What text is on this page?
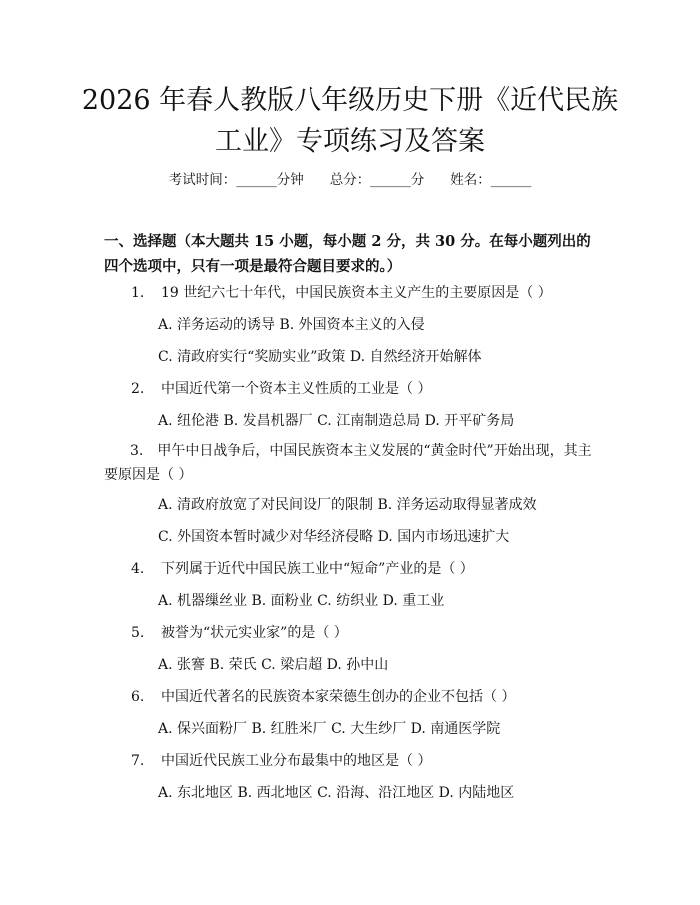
2026 年春人教版八年级历史下册《近代民族
工业》专项练习及答案
考试时间：______分钟 总分：______分 姓名：______
一、选择题（本大题共 15 小题，每小题 2 分，共 30 分。在每小题列出的四个选项中，只有一项是最符合题目要求的。）
1. 19 世纪六七十年代，中国民族资本主义产生的主要原因是（ ）
A. 洋务运动的诱导 B. 外国资本主义的入侵
C. 清政府实行“奖励实业”政策 D. 自然经济开始解体
2. 中国近代第一个资本主义性质的工业是（ ）
A. 纽伦港 B. 发昌机器厂 C. 江南制造总局 D. 开平矿务局
3.　甲午中日战争后，中国民族资本主义发展的“黄金时代”开始出现，其主要原因是（ ）
A. 清政府放宽了对民间设厂的限制 B. 洋务运动取得显著成效
C. 外国资本暂时减少对华经济侵略 D. 国内市场迅速扩大
4. 下列属于近代中国民族工业中“短命”产业的是（ ）
A. 机器缫丝业 B. 面粉业 C. 纺织业 D. 重工业
5. 被誉为“状元实业家”的是（ ）
A. 张謇 B. 荣氏 C. 梁启超 D. 孙中山
6. 中国近代著名的民族资本家荣德生创办的企业不包括（ ）
A. 保兴面粉厂 B. 红胜米厂 C. 大生纱厂 D. 南通医学院
7. 中国近代民族工业分布最集中的地区是（ ）
A. 东北地区 B. 西北地区 C. 沿海、沿江地区 D. 内陆地区
